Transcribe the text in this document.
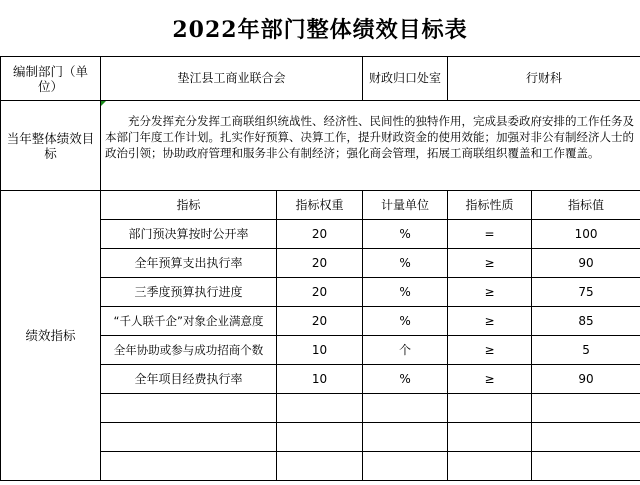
2022年部门整体绩效目标表
编制部门（单位）	垫江县工商业联合会		财政归口处室	行财科	
当年整体绩效目标	充分发挥充分发挥工商联组织统战性、经济性、民间性的独特作用，完成县委政府安排的工作任务及本部门年度工作计划。扎实作好预算、决算工作，提升财政资金的使用效能；加强对非公有制经济人士的政治引领；协助政府管理和服务非公有制经济；强化商会管理，拓展工商联组织覆盖和工作覆盖。				

绩效指标	指标	指标权重	计量单位	指标性质	指标值
	部门预决算按时公开率	20	%	=	100
	全年预算支出执行率	20	%	≥	90
	三季度预算执行进度	20	%	≥	75
	“千人联千企”对象企业满意度	20	%	≥	85
	全年协助或参与成功招商个数	10	个	≥	5
	全年项目经费执行率	10	%	≥	90
